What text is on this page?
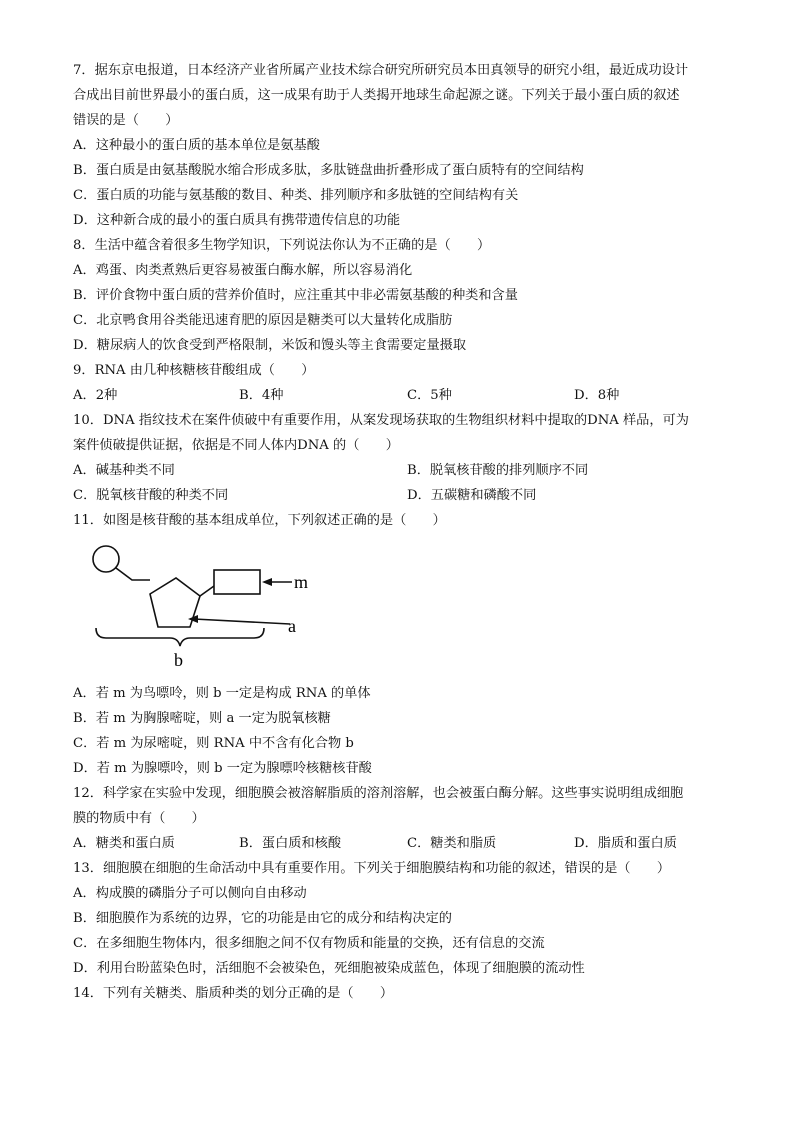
7．据东京电报道，日本经济产业省所属产业技术综合研究所研究员本田真领导的研究小组，最近成功设计
合成出目前世界最小的蛋白质，这一成果有助于人类揭开地球生命起源之谜。下列关于最小蛋白质的叙述
错误的是（　　）
A．这种最小的蛋白质的基本单位是氨基酸
B．蛋白质是由氨基酸脱水缩合形成多肽，多肽链盘曲折叠形成了蛋白质特有的空间结构
C．蛋白质的功能与氨基酸的数目、种类、排列顺序和多肽链的空间结构有关
D．这种新合成的最小的蛋白质具有携带遗传信息的功能
8．生活中蕴含着很多生物学知识，下列说法你认为不正确的是（　　）
A．鸡蛋、肉类煮熟后更容易被蛋白酶水解，所以容易消化
B．评价食物中蛋白质的营养价值时，应注重其中非必需氨基酸的种类和含量
C．北京鸭食用谷类能迅速育肥的原因是糖类可以大量转化成脂肪
D．糖尿病人的饮食受到严格限制，米饭和馒头等主食需要定量摄取
9．RNA 由几种核糖核苷酸组成（　　）
A．2种	B．4种	C．5种	D．8种
10．DNA 指纹技术在案件侦破中有重要作用，从案发现场获取的生物组织材料中提取的DNA 样品，可为
案件侦破提供证据，依据是不同人体内DNA 的（　　）
A．碱基种类不同	B．脱氧核苷酸的排列顺序不同
C．脱氧核苷酸的种类不同	D．五碳糖和磷酸不同
11．如图是核苷酸的基本组成单位，下列叙述正确的是（　　）
m
a
b
A．若 m 为鸟嘌呤，则 b 一定是构成 RNA 的单体
B．若 m 为胸腺嘧啶，则 a 一定为脱氧核糖
C．若 m 为尿嘧啶，则 RNA 中不含有化合物 b
D．若 m 为腺嘌呤，则 b 一定为腺嘌呤核糖核苷酸
12．科学家在实验中发现，细胞膜会被溶解脂质的溶剂溶解，也会被蛋白酶分解。这些事实说明组成细胞
膜的物质中有（　　）
A．糖类和蛋白质	B．蛋白质和核酸	C．糖类和脂质	D．脂质和蛋白质
13．细胞膜在细胞的生命活动中具有重要作用。下列关于细胞膜结构和功能的叙述，错误的是（　　）
A．构成膜的磷脂分子可以侧向自由移动
B．细胞膜作为系统的边界，它的功能是由它的成分和结构决定的
C．在多细胞生物体内，很多细胞之间不仅有物质和能量的交换，还有信息的交流
D．利用台盼蓝染色时，活细胞不会被染色，死细胞被染成蓝色，体现了细胞膜的流动性
14．下列有关糖类、脂质种类的划分正确的是（　　）
